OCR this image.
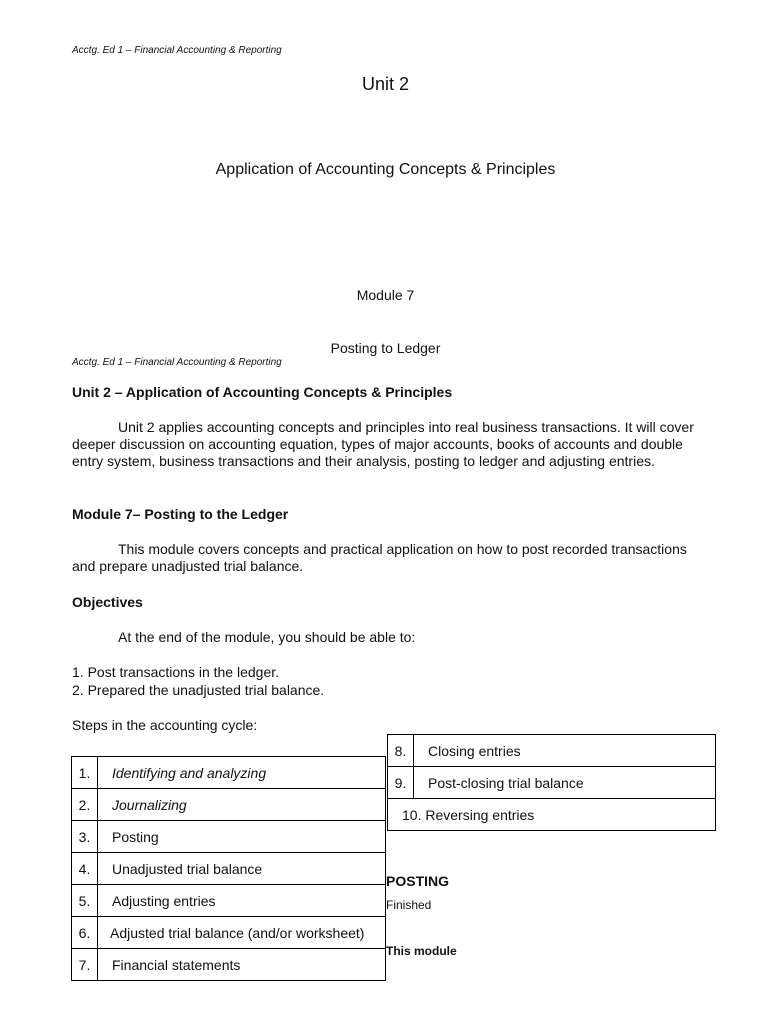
Acctg. Ed 1 – Financial Accounting & Reporting
Unit 2
Application of Accounting Concepts & Principles
Module 7
Posting to Ledger
Acctg. Ed 1 – Financial Accounting & Reporting
Unit 2 – Application of Accounting Concepts & Principles
Unit 2 applies accounting concepts and principles into real business transactions. It will cover deeper discussion on accounting equation, types of major accounts, books of accounts and double entry system, business transactions and their analysis, posting to ledger and adjusting entries.
Module 7– Posting to the Ledger
This module covers concepts and practical application on how to post recorded transactions and prepare unadjusted trial balance.
Objectives
At the end of the module, you should be able to:
1. Post transactions in the ledger.
2. Prepared the unadjusted trial balance.
Steps in the accounting cycle:
1.	Identifying and analyzing
2.	Journalizing
3.	Posting
4.	Unadjusted trial balance
5.	Adjusting entries
6.	Adjusted trial balance (and/or worksheet)
7.	Financial statements
8.	Closing entries
9.	Post-closing trial balance
10. Reversing entries	
POSTING
Finished
This module
